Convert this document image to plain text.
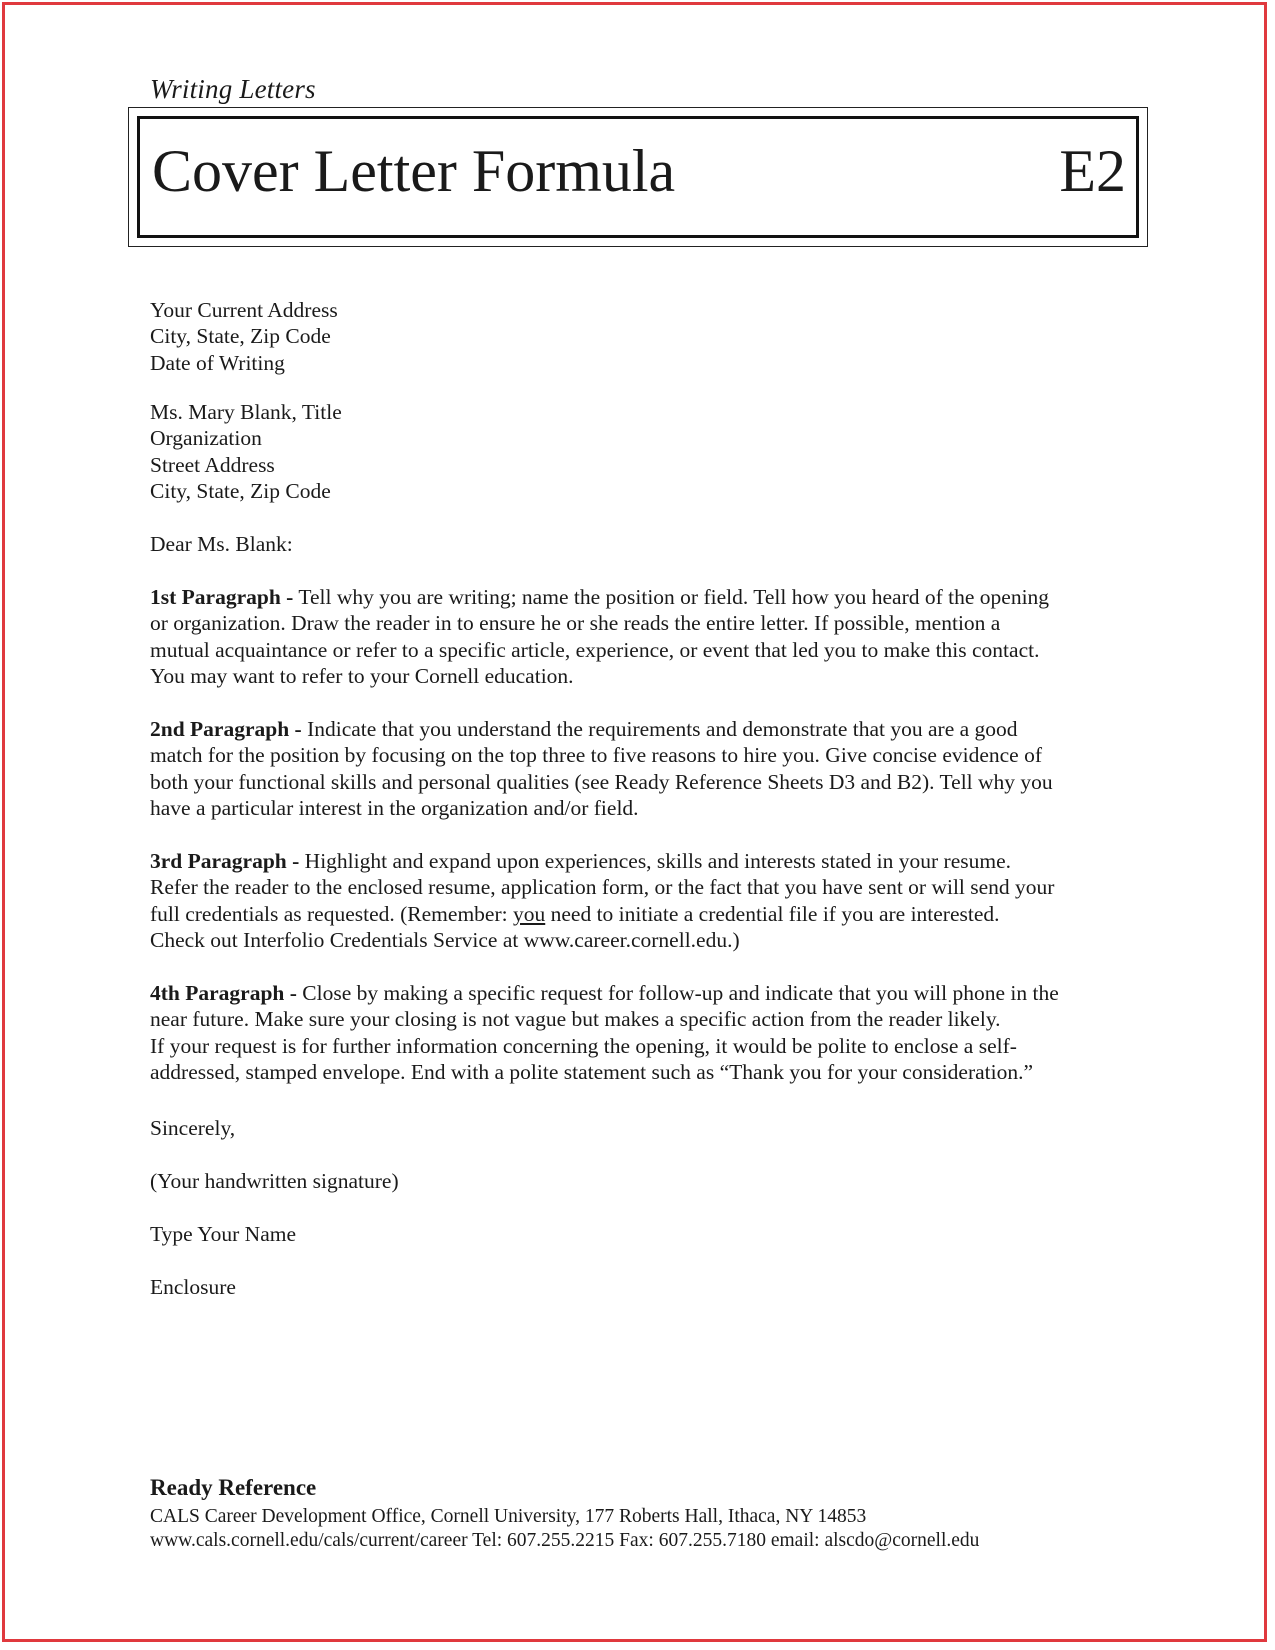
Writing Letters
Cover Letter Formula	E2

Your Current Address

City, State, Zip Code

Date of Writing

Ms. Mary Blank, Title

Organization

Street Address

City, State, Zip Code

Dear Ms. Blank:

1st Paragraph - Tell why you are writing; name the position or field. Tell how you heard of the opening

or organization. Draw the reader in to ensure he or she reads the entire letter. If possible, mention a

mutual acquaintance or refer to a specific article, experience, or event that led you to make this contact.

You may want to refer to your Cornell education.

2nd Paragraph - Indicate that you understand the requirements and demonstrate that you are a good

match for the position by focusing on the top three to five reasons to hire you. Give concise evidence of

both your functional skills and personal qualities (see Ready Reference Sheets D3 and B2). Tell why you

have a particular interest in the organization and/or field.

3rd Paragraph - Highlight and expand upon experiences, skills and interests stated in your resume.

Refer the reader to the enclosed resume, application form, or the fact that you have sent or will send your

full credentials as requested. (Remember: you need to initiate a credential file if you are interested.

Check out Interfolio Credentials Service at www.career.cornell.edu.)

4th Paragraph - Close by making a specific request for follow-up and indicate that you will phone in the

near future. Make sure your closing is not vague but makes a specific action from the reader likely.

If your request is for further information concerning the opening, it would be polite to enclose a self-

addressed, stamped envelope. End with a polite statement such as “Thank you for your consideration.”

Sincerely,

(Your handwritten signature)

Type Your Name

Enclosure

Ready Reference
CALS Career Development Office, Cornell University, 177 Roberts Hall, Ithaca, NY 14853
www.cals.cornell.edu/cals/current/career Tel: 607.255.2215 Fax: 607.255.7180 email: alscdo@cornell.edu
